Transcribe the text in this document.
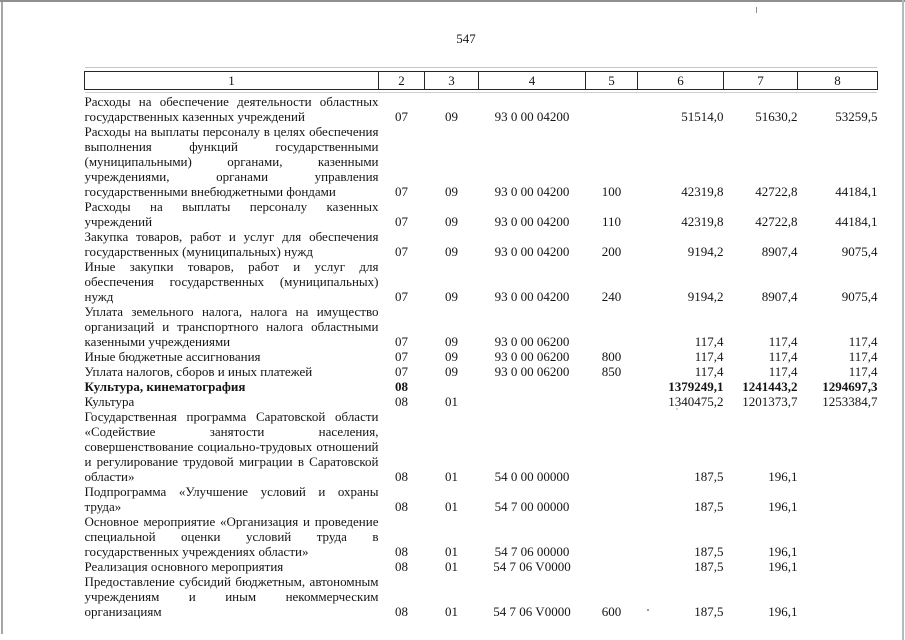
547
1	2	3	4	5	6	7	8
Расходы на обеспечение деятельности областных государственных казенных учреждений	07	09	93 0 00 04200		51514,0	51630,2	53259,5
Расходы на выплаты персоналу в целях обеспечения выполнения функций государственными (муниципальными) органами, казенными учреждениями, органами управления государственными внебюджетными фондами	07	09	93 0 00 04200	100	42319,8	42722,8	44184,1
Расходы на выплаты персоналу казенных учреждений	07	09	93 0 00 04200	110	42319,8	42722,8	44184,1
Закупка товаров, работ и услуг для обеспечения государственных (муниципальных) нужд	07	09	93 0 00 04200	200	9194,2	8907,4	9075,4
Иные закупки товаров, работ и услуг для обеспечения государственных (муниципальных) нужд	07	09	93 0 00 04200	240	9194,2	8907,4	9075,4
Уплата земельного налога, налога на имущество организаций и транспортного налога областными казенными учреждениями	07	09	93 0 00 06200		117,4	117,4	117,4
Иные бюджетные ассигнования	07	09	93 0 00 06200	800	117,4	117,4	117,4
Уплата налогов, сборов и иных платежей	07	09	93 0 00 06200	850	117,4	117,4	117,4
Культура, кинематография	08				1379249,1	1241443,2	1294697,3
Культура	08	01			1340475,2	1201373,7	1253384,7
Государственная программа Саратовской области «Содействие занятости населения, совершенствование социально-трудовых отношений и регулирование трудовой миграции в Саратовской области»	08	01	54 0 00 00000		187,5	196,1	
Подпрограмма «Улучшение условий и охраны труда»	08	01	54 7 00 00000		187,5	196,1	
Основное мероприятие «Организация и проведение специальной оценки условий труда в государственных учреждениях области»	08	01	54 7 06 00000		187,5	196,1	
Реализация основного мероприятия	08	01	54 7 06 V0000		187,5	196,1	
Предоставление субсидий бюджетным, автономным учреждениям и иным некоммерческим организациям	08	01	54 7 06 V0000	600	187,5	196,1	
